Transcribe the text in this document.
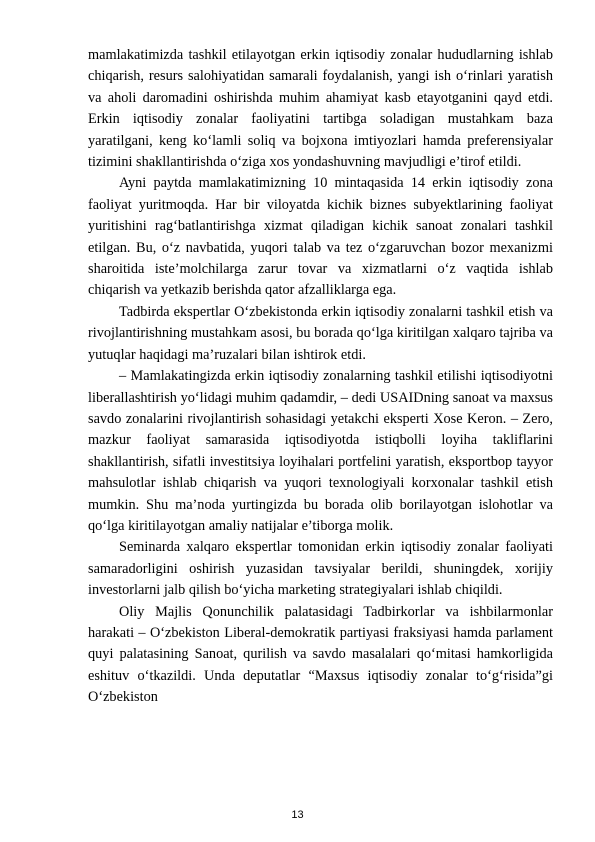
mamlakatimizda tashkil etilayotgan erkin iqtisodiy zonalar hududlarning ishlab chiqarish, resurs salohiyatidan samarali foydalanish, yangi ish o‘rinlari yaratish va aholi daromadini oshirishda muhim ahamiyat kasb etayotganini qayd etdi. Erkin iqtisodiy zonalar faoliyatini tartibga soladigan mustahkam baza yaratilgani, keng ko‘lamli soliq va bojxona imtiyozlari hamda preferensiyalar tizimini shakllantirishda o‘ziga xos yondashuvning mavjudligi e’tirof etildi.

Ayni paytda mamlakatimizning 10 mintaqasida 14 erkin iqtisodiy zona faoliyat yuritmoqda. Har bir viloyatda kichik biznes subyektlarining faoliyat yuritishini rag‘batlantirishga xizmat qiladigan kichik sanoat zonalari tashkil etilgan. Bu, o‘z navbatida, yuqori talab va tez o‘zgaruvchan bozor mexanizmi sharoitida iste’molchilarga zarur tovar va xizmatlarni o‘z vaqtida ishlab chiqarish va yetkazib berishda qator afzalliklarga ega.

Tadbirda ekspertlar O‘zbekistonda erkin iqtisodiy zonalarni tashkil etish va rivojlantirishning mustahkam asosi, bu borada qo‘lga kiritilgan xalqaro tajriba va yutuqlar haqidagi ma’ruzalari bilan ishtirok etdi.

– Mamlakatingizda erkin iqtisodiy zonalarning tashkil etilishi iqtisodiyotni liberallashtirish yo‘lidagi muhim qadamdir, – dedi USAIDning sanoat va maxsus savdo zonalarini rivojlantirish sohasidagi yetakchi eksperti Xose Keron. – Zero, mazkur faoliyat samarasida iqtisodiyotda istiqbolli loyiha takliflarini shakllantirish, sifatli investitsiya loyihalari portfelini yaratish, eksportbop tayyor mahsulotlar ishlab chiqarish va yuqori texnologiyali korxonalar tashkil etish mumkin. Shu ma’noda yurtingizda bu borada olib borilayotgan islohotlar va qo‘lga kiritilayotgan amaliy natijalar e’tiborga molik.

Seminarda xalqaro ekspertlar tomonidan erkin iqtisodiy zonalar faoliyati samaradorligini oshirish yuzasidan tavsiyalar berildi, shuningdek, xorijiy investorlarni jalb qilish bo‘yicha marketing strategiyalari ishlab chiqildi.

Oliy Majlis Qonunchilik palatasidagi Tadbirkorlar va ishbilarmonlar harakati – O‘zbekiston Liberal-demokratik partiyasi fraksiyasi hamda parlament quyi palatasining Sanoat, qurilish va savdo masalalari qo‘mitasi hamkorligida eshituv o‘tkazildi. Unda deputatlar “Maxsus iqtisodiy zonalar to‘g‘risida”gi O‘zbekiston

13
